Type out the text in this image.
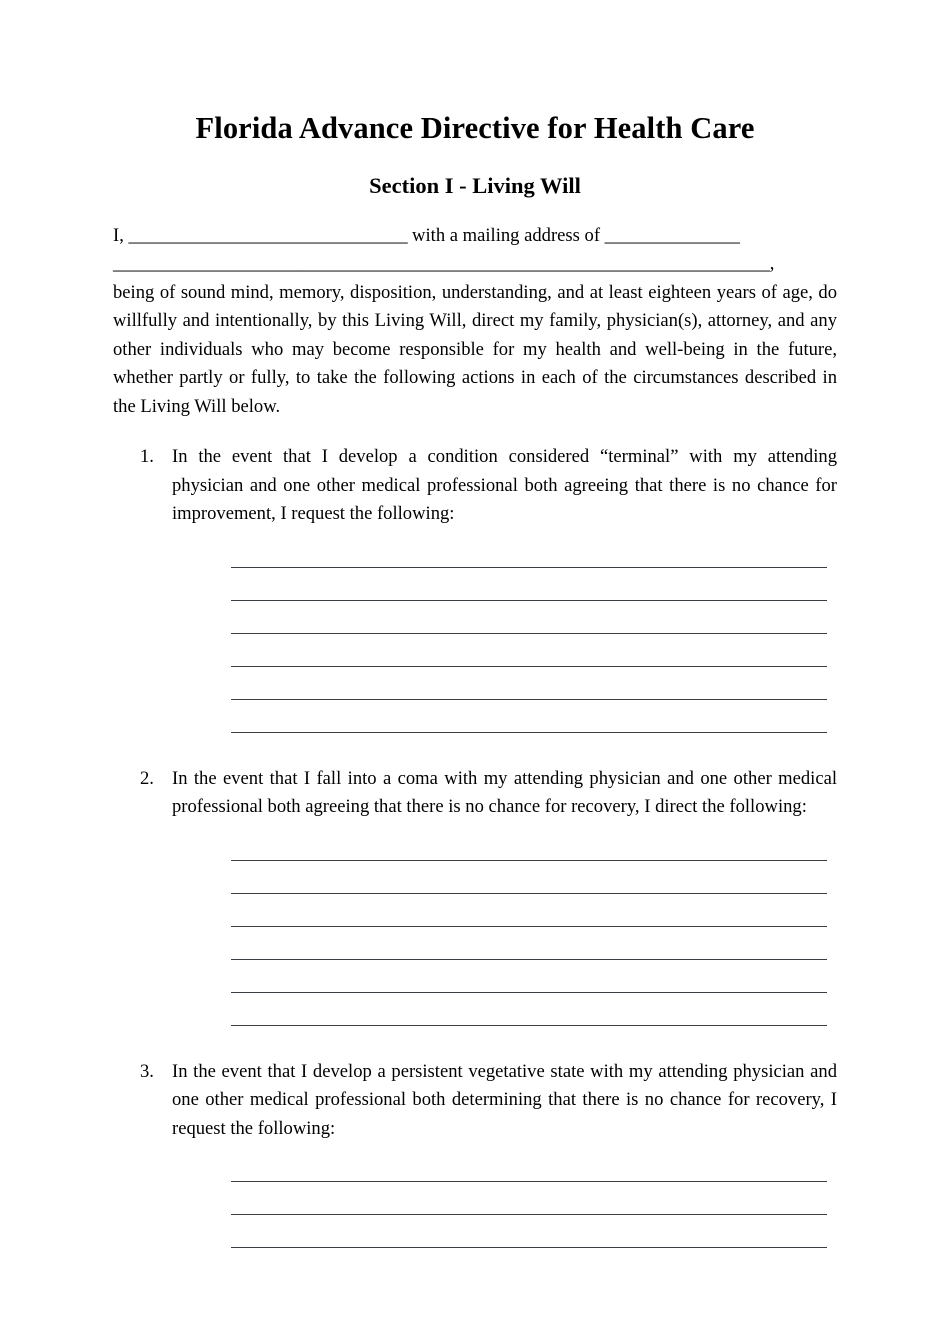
Florida Advance Directive for Health Care
Section I - Living Will
I, _______________________________ with a mailing address of _______________
_________________________________________________________________________,

being of sound mind, memory, disposition, understanding, and at least eighteen years of age, do willfully and intentionally, by this Living Will, direct my family, physician(s), attorney, and any other individuals who may become responsible for my health and well-being in the future, whether partly or fully, to take the following actions in each of the circumstances described in the Living Will below.

1. In the event that I develop a condition considered “terminal” with my attending physician and one other medical professional both agreeing that there is no chance for improvement, I request the following:

2. In the event that I fall into a coma with my attending physician and one other medical professional both agreeing that there is no chance for recovery, I direct the following:

3. In the event that I develop a persistent vegetative state with my attending physician and one other medical professional both determining that there is no chance for recovery, I request the following:
